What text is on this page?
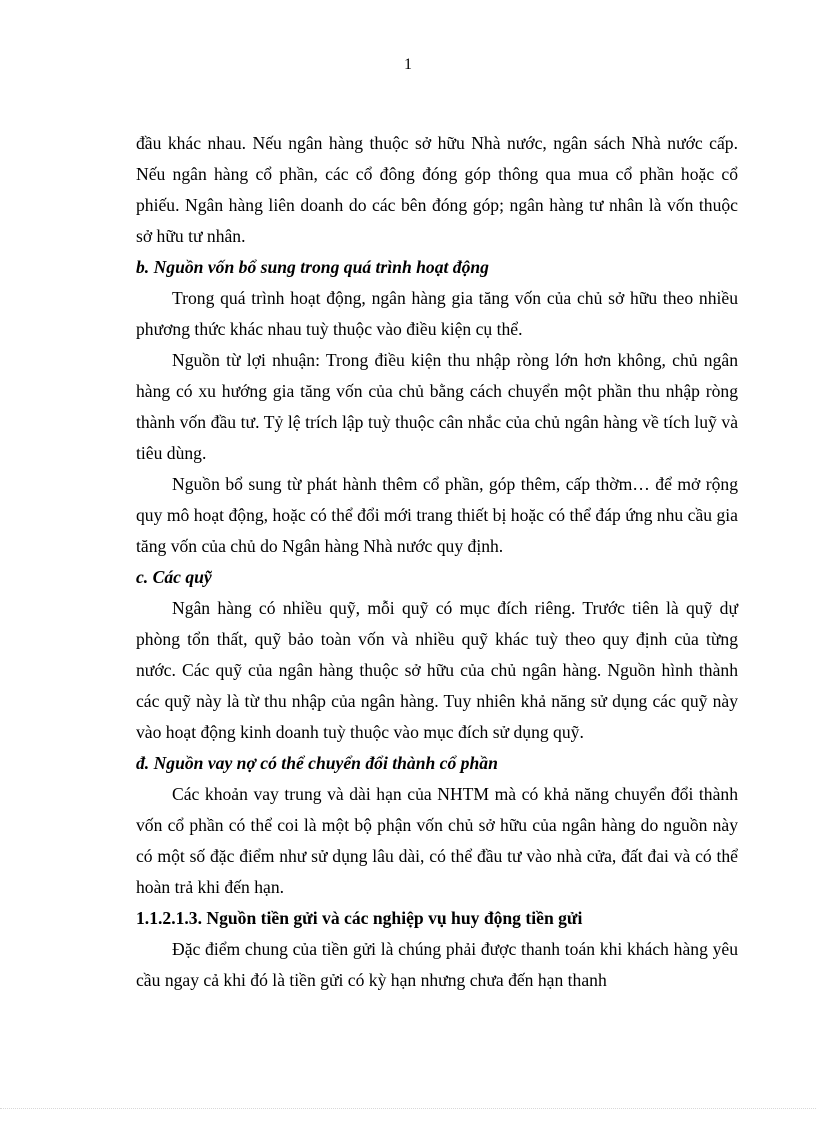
1

đầu khác nhau. Nếu ngân hàng thuộc sở hữu Nhà nước, ngân sách Nhà nước cấp. Nếu ngân hàng cổ phần, các cổ đông đóng góp thông qua mua cổ phần hoặc cổ phiếu. Ngân hàng liên doanh do các bên đóng góp; ngân hàng tư nhân là vốn thuộc sở hữu tư nhân.

b. Nguồn vốn bổ sung trong quá trình hoạt động

Trong quá trình hoạt động, ngân hàng gia tăng vốn của chủ sở hữu theo nhiều phương thức khác nhau tuỳ thuộc vào điều kiện cụ thể.

Nguồn từ lợi nhuận: Trong điều kiện thu nhập ròng lớn hơn không, chủ ngân hàng có xu hướng gia tăng vốn của chủ bằng cách chuyển một phần thu nhập ròng thành vốn đầu tư. Tỷ lệ trích lập tuỳ thuộc cân nhắc của chủ ngân hàng về tích luỹ và tiêu dùng.

Nguồn bổ sung từ phát hành thêm cổ phần, góp thêm, cấp thờm… để mở rộng quy mô hoạt động, hoặc có thể đổi mới trang thiết bị hoặc có thể đáp ứng nhu cầu gia tăng vốn của chủ do Ngân hàng Nhà nước quy định.

c. Các quỹ

Ngân hàng có nhiều quỹ, mỗi quỹ có mục đích riêng. Trước tiên là quỹ dự phòng tổn thất, quỹ bảo toàn vốn và nhiều quỹ khác tuỳ theo quy định của từng nước. Các quỹ của ngân hàng thuộc sở hữu của chủ ngân hàng. Nguồn hình thành các quỹ này là từ thu nhập của ngân hàng. Tuy nhiên khả năng sử dụng các quỹ này vào hoạt động kinh doanh tuỳ thuộc vào mục đích sử dụng quỹ.

đ. Nguồn vay nợ có thể chuyển đổi thành cổ phần

Các khoản vay trung và dài hạn của NHTM mà có khả năng chuyển đổi thành vốn cổ phần có thể coi là một bộ phận vốn chủ sở hữu của ngân hàng do nguồn này có một số đặc điểm như sử dụng lâu dài, có thể đầu tư vào nhà cửa, đất đai và có thể hoàn trả khi đến hạn.

1.1.2.1.3. Nguồn tiền gửi và các nghiệp vụ huy động tiền gửi

Đặc điểm chung của tiền gửi là chúng phải được thanh toán khi khách hàng yêu cầu ngay cả khi đó là tiền gửi có kỳ hạn nhưng chưa đến hạn thanh
